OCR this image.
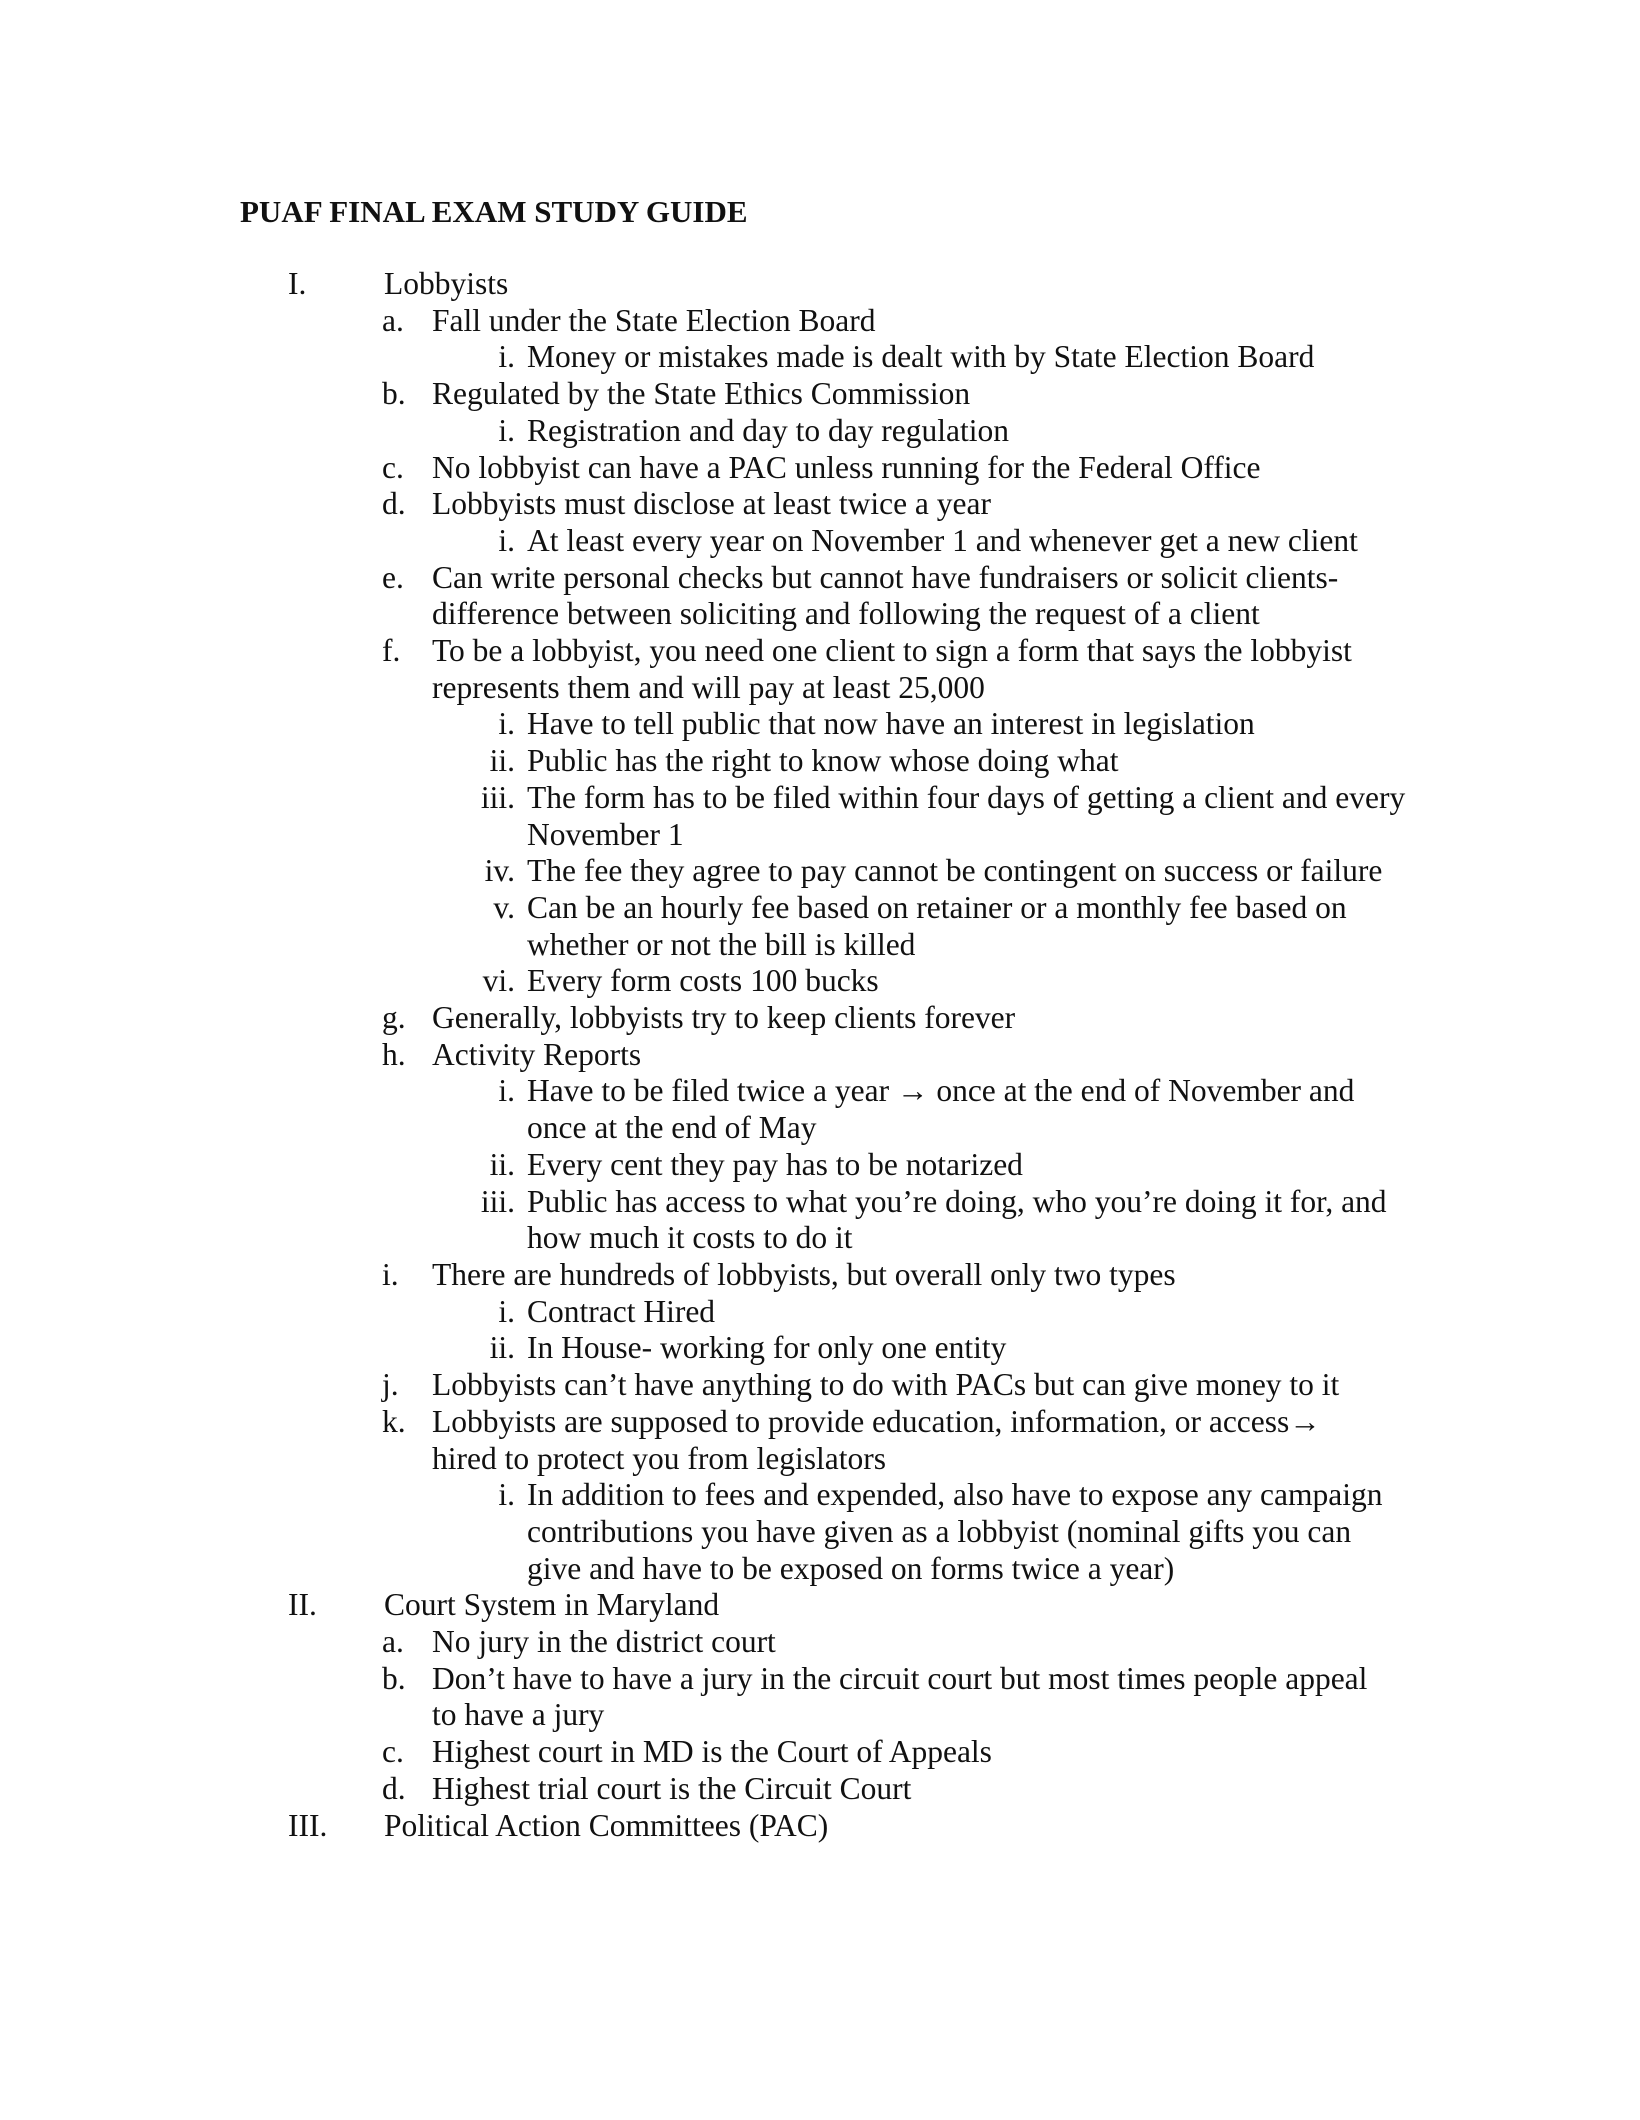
PUAF FINAL EXAM STUDY GUIDE
I.	Lobbyists
a. Fall under the State Election Board
i. Money or mistakes made is dealt with by State Election Board
b. Regulated by the State Ethics Commission
i. Registration and day to day regulation
c. No lobbyist can have a PAC unless running for the Federal Office
d. Lobbyists must disclose at least twice a year
i. At least every year on November 1 and whenever get a new client
e. Can write personal checks but cannot have fundraisers or solicit clients- difference between soliciting and following the request of a client
f.	To be a lobbyist, you need one client to sign a form that says the lobbyist represents them and will pay at least 25,000
i. Have to tell public that now have an interest in legislation
ii. Public has the right to know whose doing what
iii. The form has to be filed within four days of getting a client and every November 1
iv. The fee they agree to pay cannot be contingent on success or failure
v. Can be an hourly fee based on retainer or a monthly fee based on whether or not the bill is killed
vi. Every form costs 100 bucks
g. Generally, lobbyists try to keep clients forever
h. Activity Reports
i. Have to be filed twice a year → once at the end of November and once at the end of May
ii. Every cent they pay has to be notarized
iii. Public has access to what you’re doing, who you’re doing it for, and how much it costs to do it
i.	There are hundreds of lobbyists, but overall only two types
i. Contract Hired
ii. In House- working for only one entity
j.	Lobbyists can’t have anything to do with PACs but can give money to it
k. Lobbyists are supposed to provide education, information, or access→ hired to protect you from legislators
i. In addition to fees and expended, also have to expose any campaign contributions you have given as a lobbyist (nominal gifts you can give and have to be exposed on forms twice a year)
II.	Court System in Maryland
a. No jury in the district court
b. Don’t have to have a jury in the circuit court but most times people appeal to have a jury
c. Highest court in MD is the Court of Appeals
d. Highest trial court is the Circuit Court
III.	Political Action Committees (PAC)
